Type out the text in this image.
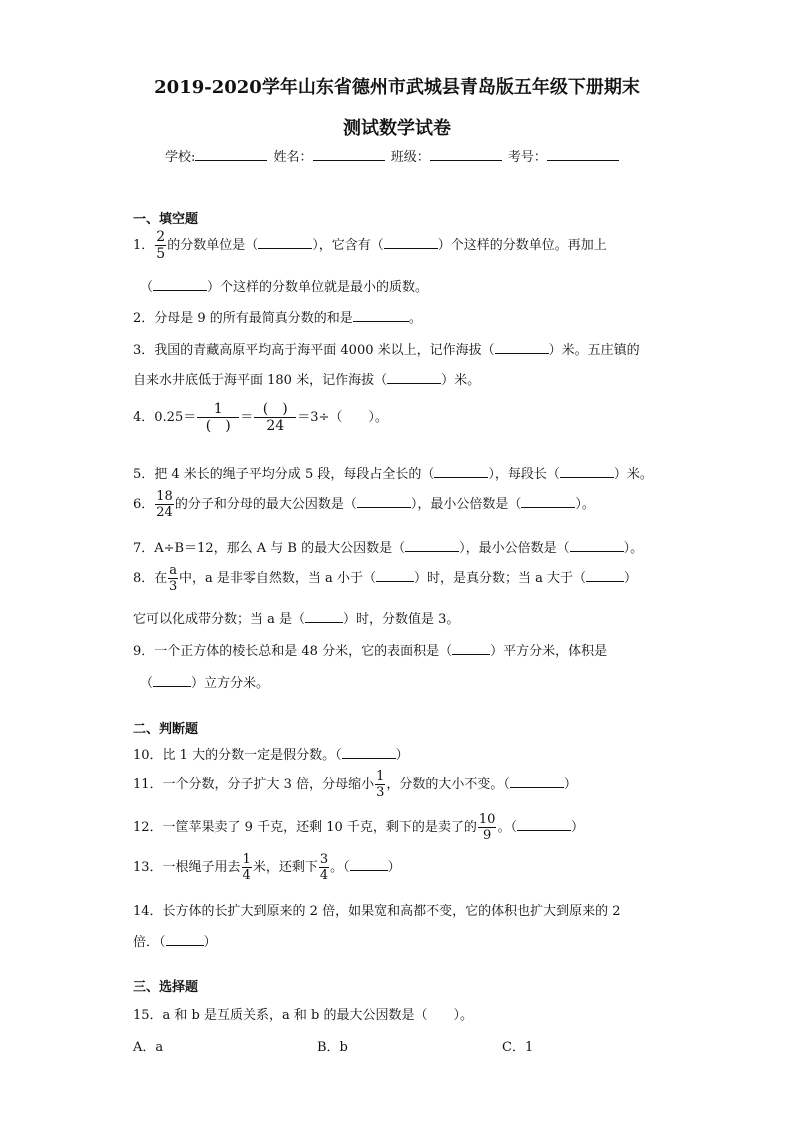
2019-2020学年山东省德州市武城县青岛版五年级下册期末
测试数学试卷
学校:	姓名：	班级：	考号：
一、填空题
1． $\frac{2}{5}$ 的分数单位是（	），它含有（	）个这样的分数单位。再加上
（	）个这样的分数单位就是最小的质数。
2．分母是 9 的所有最简真分数的和是	。
3．我国的青藏高原平均高于海平面 4000 米以上，记作海拔（	）米。五庄镇的
自来水井底低于海平面 180 米，记作海拔（	）米。
4．$0.25= \frac{1}{( )} = \frac{( )}{24} =3\div$（　　）。
5．把 4 米长的绳子平均分成 5 段，每段占全长的（	），每段长（	）米。
6． $\frac{18}{24}$ 的分子和分母的最大公因数是（	），最小公倍数是（	）。
7．A÷B＝12，那么 A 与 B 的最大公因数是（	），最小公倍数是（	）。
8．在 $\frac{a}{3}$ 中，a 是非零自然数，当 a 小于（	）时，是真分数；当 a 大于（	）
它可以化成带分数；当 a 是（	）时，分数值是 3。
9．一个正方体的棱长总和是 48 分米，它的表面积是（	）平方分米，体积是
（	）立方分米。
二、判断题
10．比 1 大的分数一定是假分数。（	）
11．一个分数，分子扩大 3 倍，分母缩小 $\frac{1}{3}$ ，分数的大小不变。（	）
12．一筐苹果卖了 9 千克，还剩 10 千克，剩下的是卖了的 $\frac{10}{9}$ 。（	）
13．一根绳子用去 $\frac{1}{4}$ 米，还剩下 $\frac{3}{4}$ 。（	）
14．长方体的长扩大到原来的 2 倍，如果宽和高都不变，它的体积也扩大到原来的 2
倍．（	）
三、选择题
15．a 和 b 是互质关系，a 和 b 的最大公因数是（　　）。
A．a	B．b	C．1
